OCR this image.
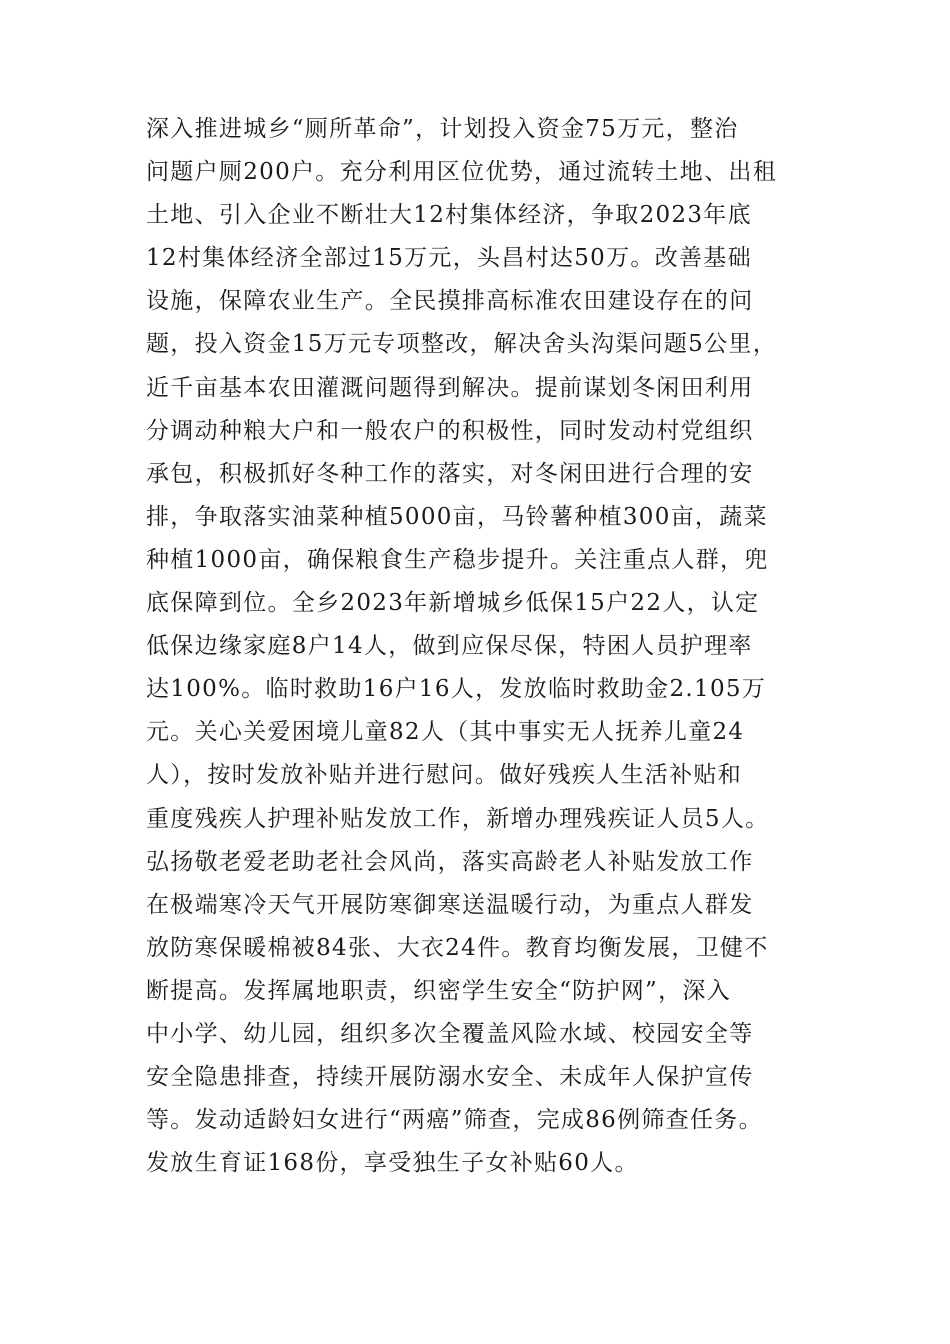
深入推进城乡“厕所革命”，计划投入资金75万元，整治
问题户厕200户。充分利用区位优势，通过流转土地、出租
土地、引入企业不断壮大12村集体经济，争取2023年底
12村集体经济全部过15万元，头昌村达50万。改善基础
设施，保障农业生产。全民摸排高标准农田建设存在的问
题，投入资金15万元专项整改，解决舍头沟渠问题5公里，
近千亩基本农田灌溉问题得到解决。提前谋划冬闲田利用
分调动种粮大户和一般农户的积极性，同时发动村党组织
承包，积极抓好冬种工作的落实，对冬闲田进行合理的安
排，争取落实油菜种植5000亩，马铃薯种植300亩，蔬菜
种植1000亩，确保粮食生产稳步提升。关注重点人群，兜
底保障到位。全乡2023年新增城乡低保15户22人，认定
低保边缘家庭8户14人，做到应保尽保，特困人员护理率
达100%。临时救助16户16人，发放临时救助金2.105万
元。关心关爱困境儿童82人（其中事实无人抚养儿童24
人），按时发放补贴并进行慰问。做好残疾人生活补贴和
重度残疾人护理补贴发放工作，新增办理残疾证人员5人。
弘扬敬老爱老助老社会风尚，落实高龄老人补贴发放工作
在极端寒冷天气开展防寒御寒送温暖行动，为重点人群发
放防寒保暖棉被84张、大衣24件。教育均衡发展，卫健不
断提高。发挥属地职责，织密学生安全“防护网”，深入
中小学、幼儿园，组织多次全覆盖风险水域、校园安全等
安全隐患排查，持续开展防溺水安全、未成年人保护宣传
等。发动适龄妇女进行“两癌”筛查，完成86例筛查任务。
发放生育证168份，享受独生子女补贴60人。
